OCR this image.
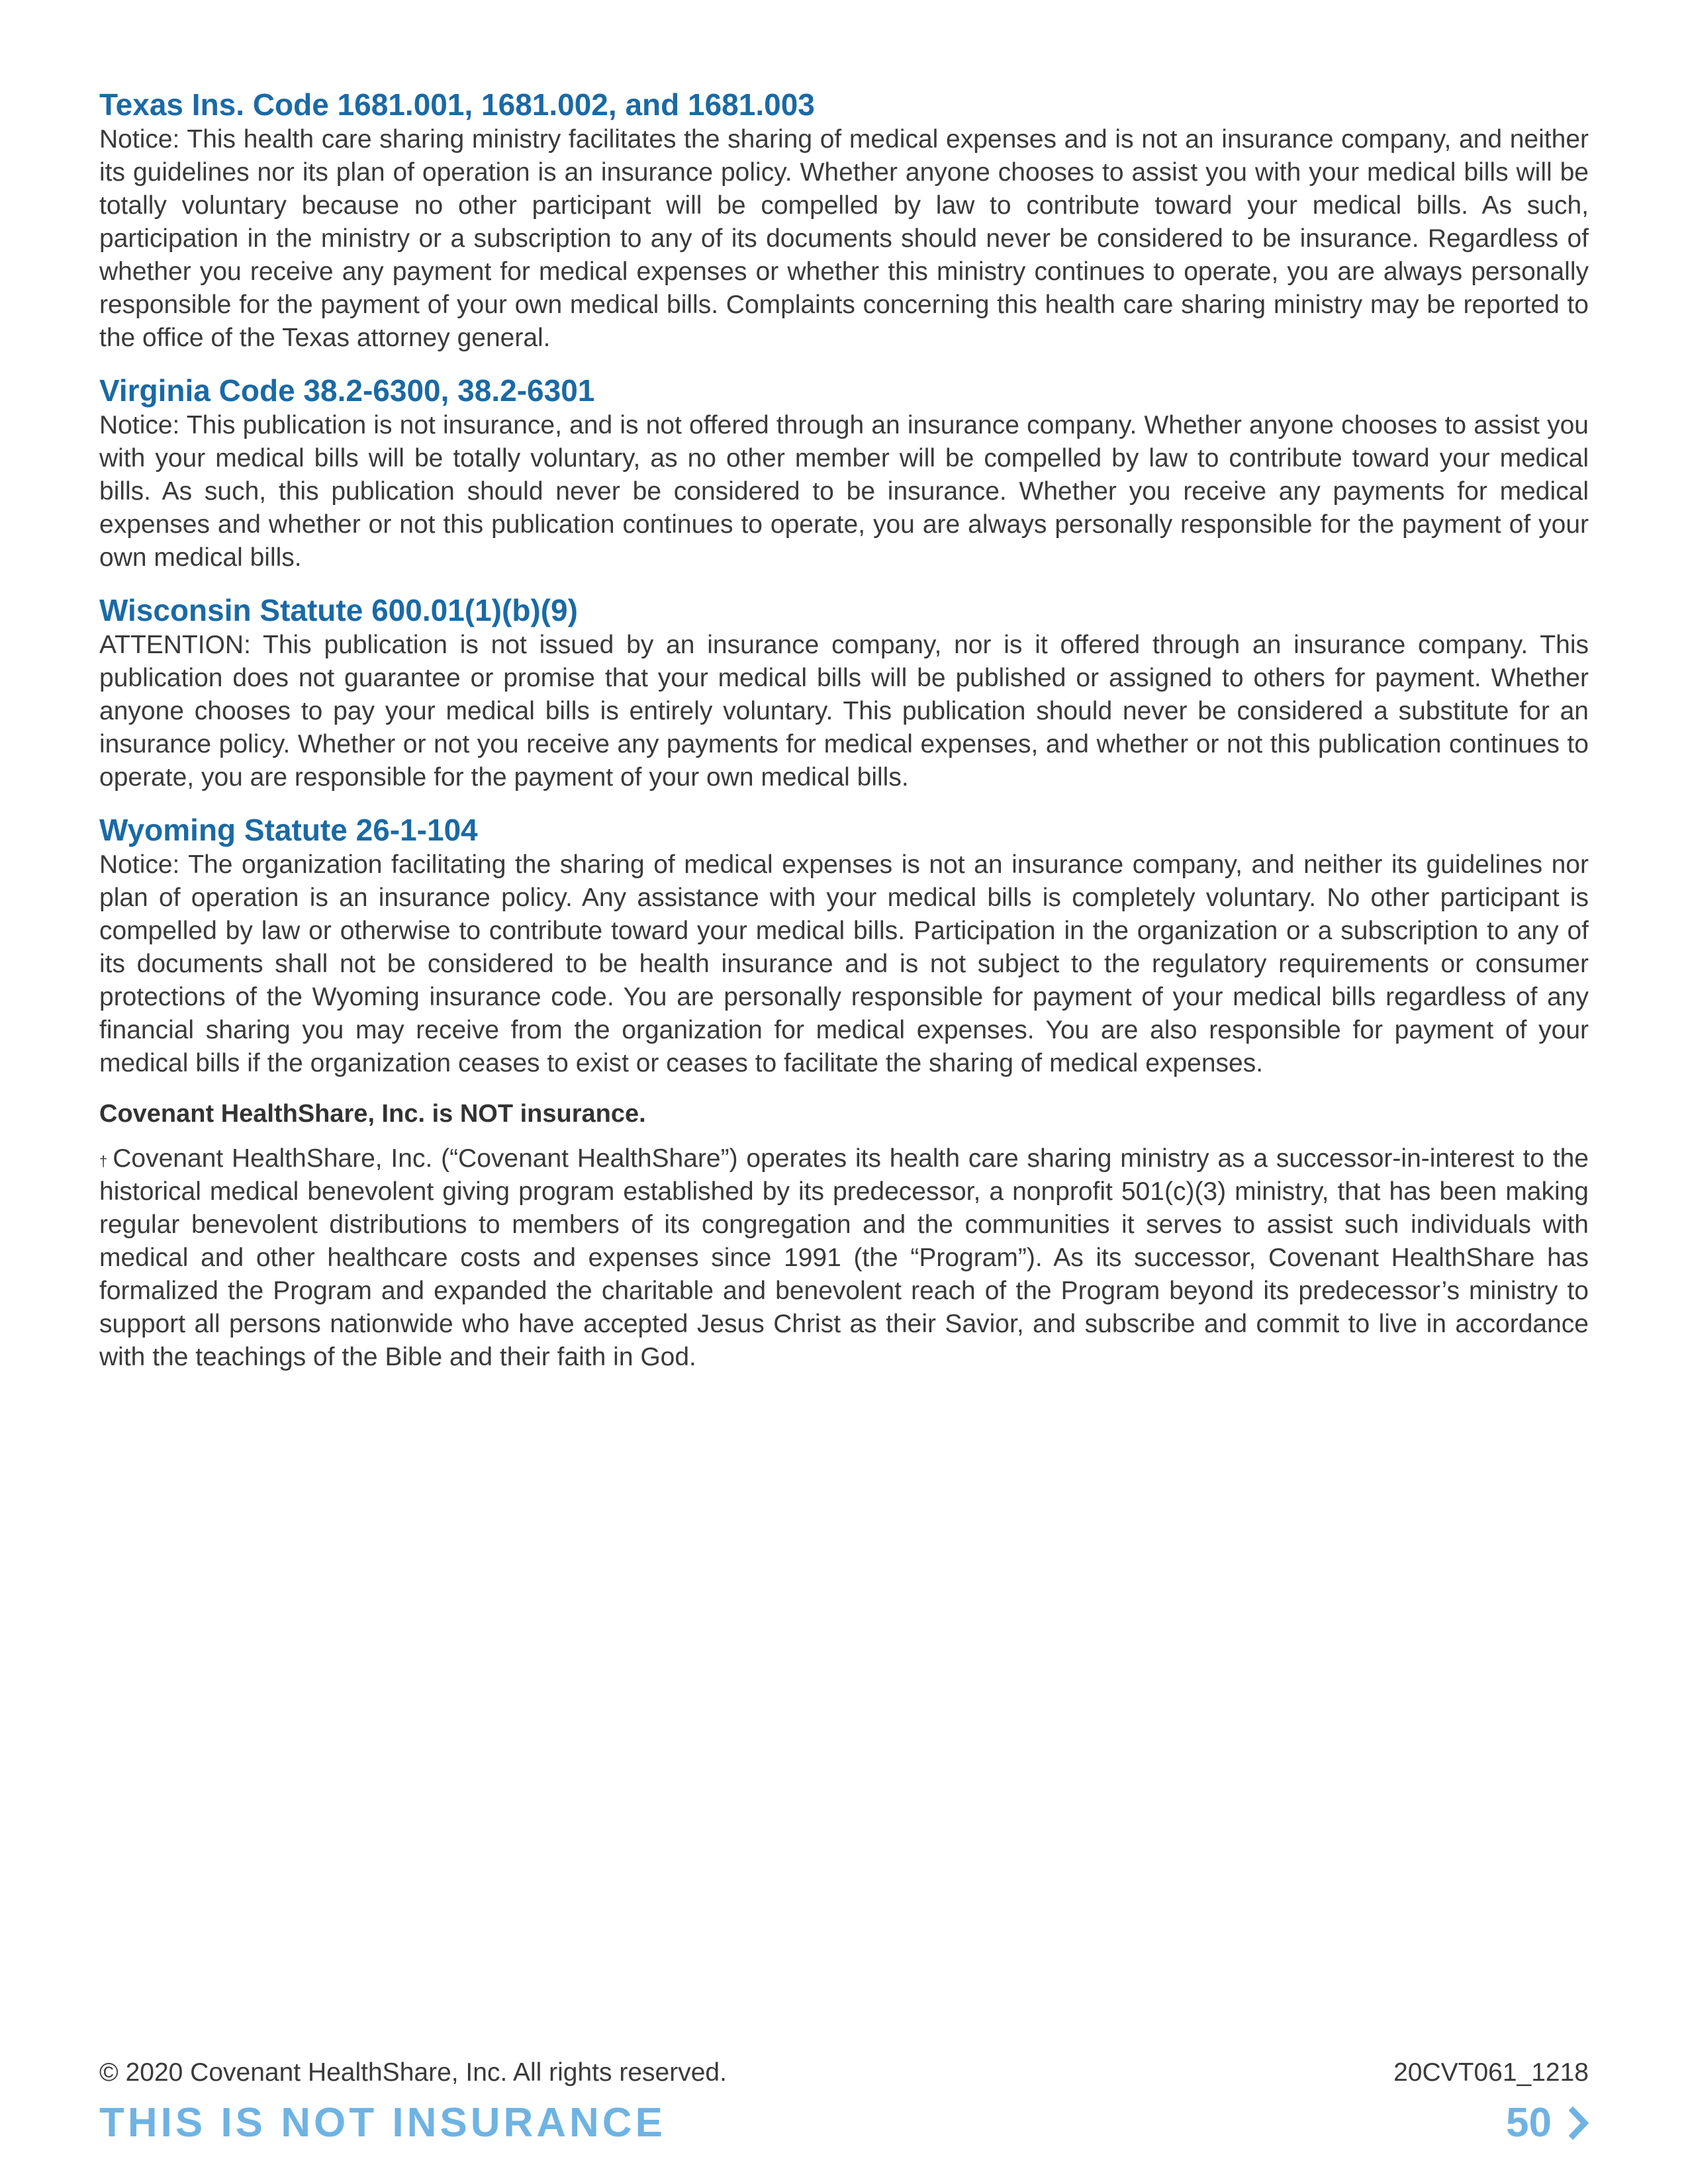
Texas Ins. Code 1681.001, 1681.002, and 1681.003

Notice: This health care sharing ministry facilitates the sharing of medical expenses and is not an insurance company, and neither its guidelines nor its plan of operation is an insurance policy. Whether anyone chooses to assist you with your medical bills will be totally voluntary because no other participant will be compelled by law to contribute toward your medical bills. As such, participation in the ministry or a subscription to any of its documents should never be considered to be insurance. Regardless of whether you receive any payment for medical expenses or whether this ministry continues to operate, you are always personally responsible for the payment of your own medical bills. Complaints concerning this health care sharing ministry may be reported to the office of the Texas attorney general.

Virginia Code 38.2-6300, 38.2-6301

Notice: This publication is not insurance, and is not offered through an insurance company. Whether anyone chooses to assist you with your medical bills will be totally voluntary, as no other member will be compelled by law to contribute toward your medical bills. As such, this publication should never be considered to be insurance. Whether you receive any payments for medical expenses and whether or not this publication continues to operate, you are always personally responsible for the payment of your own medical bills.

Wisconsin Statute 600.01(1)(b)(9)

ATTENTION: This publication is not issued by an insurance company, nor is it offered through an insurance company. This publication does not guarantee or promise that your medical bills will be published or assigned to others for payment. Whether anyone chooses to pay your medical bills is entirely voluntary. This publication should never be considered a substitute for an insurance policy. Whether or not you receive any payments for medical expenses, and whether or not this publication continues to operate, you are responsible for the payment of your own medical bills.

Wyoming Statute 26-1-104

Notice: The organization facilitating the sharing of medical expenses is not an insurance company, and neither its guidelines nor plan of operation is an insurance policy. Any assistance with your medical bills is completely voluntary. No other participant is compelled by law or otherwise to contribute toward your medical bills. Participation in the organization or a subscription to any of its documents shall not be considered to be health insurance and is not subject to the regulatory requirements or consumer protections of the Wyoming insurance code. You are personally responsible for payment of your medical bills regardless of any financial sharing you may receive from the organization for medical expenses. You are also responsible for payment of your medical bills if the organization ceases to exist or ceases to facilitate the sharing of medical expenses.

Covenant HealthShare, Inc. is NOT insurance.

† Covenant HealthShare, Inc. (“Covenant HealthShare”) operates its health care sharing ministry as a successor-in-interest to the historical medical benevolent giving program established by its predecessor, a nonprofit 501(c)(3) ministry, that has been making regular benevolent distributions to members of its congregation and the communities it serves to assist such individuals with medical and other healthcare costs and expenses since 1991 (the “Program”). As its successor, Covenant HealthShare has formalized the Program and expanded the charitable and benevolent reach of the Program beyond its predecessor’s ministry to support all persons nationwide who have accepted Jesus Christ as their Savior, and subscribe and commit to live in accordance with the teachings of the Bible and their faith in God.

© 2020 Covenant HealthShare, Inc. All rights reserved.	20CVT061_1218
THIS IS NOT INSURANCE	50
